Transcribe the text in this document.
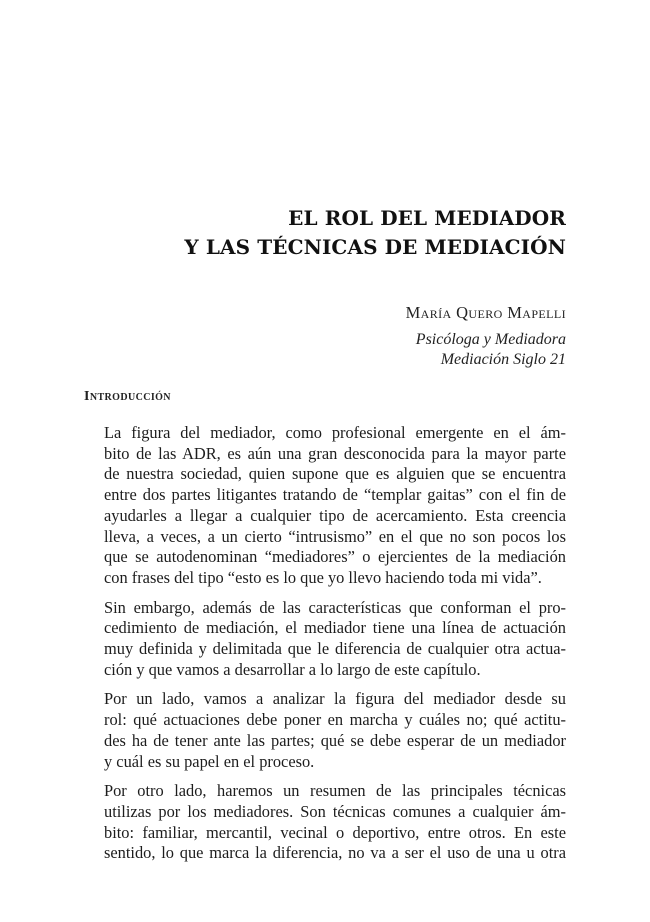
EL ROL DEL MEDIADOR
Y LAS TÉCNICAS DE MEDIACIÓN
María Quero Mapelli
Psicóloga y Mediadora
Mediación Siglo 21
Introducción
La figura del mediador, como profesional emergente en el ám-
bito de las ADR, es aún una gran desconocida para la mayor parte
de nuestra sociedad, quien supone que es alguien que se encuentra
entre dos partes litigantes tratando de “templar gaitas” con el fin de
ayudarles a llegar a cualquier tipo de acercamiento. Esta creencia
lleva, a veces, a un cierto “intrusismo” en el que no son pocos los
que se autodenominan “mediadores” o ejercientes de la mediación
con frases del tipo “esto es lo que yo llevo haciendo toda mi vida”.
Sin embargo, además de las características que conforman el pro-
cedimiento de mediación, el mediador tiene una línea de actuación
muy definida y delimitada que le diferencia de cualquier otra actua-
ción y que vamos a desarrollar a lo largo de este capítulo.
Por un lado, vamos a analizar la figura del mediador desde su
rol: qué actuaciones debe poner en marcha y cuáles no; qué actitu-
des ha de tener ante las partes; qué se debe esperar de un mediador
y cuál es su papel en el proceso.
Por otro lado, haremos un resumen de las principales técnicas
utilizas por los mediadores. Son técnicas comunes a cualquier ám-
bito: familiar, mercantil, vecinal o deportivo, entre otros. En este
sentido, lo que marca la diferencia, no va a ser el uso de una u otra
